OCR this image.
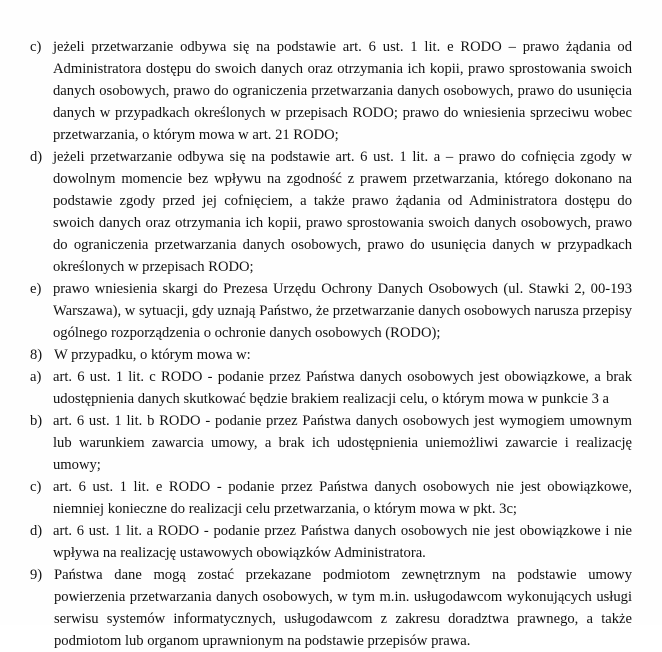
c) jeżeli przetwarzanie odbywa się na podstawie art. 6 ust. 1 lit. e RODO – prawo żądania od Administratora dostępu do swoich danych oraz otrzymania ich kopii, prawo sprostowania swoich danych osobowych, prawo do ograniczenia przetwarzania danych osobowych, prawo do usunięcia danych w przypadkach określonych w przepisach RODO; prawo do wniesienia sprzeciwu wobec przetwarzania, o którym mowa w art. 21 RODO;
d) jeżeli przetwarzanie odbywa się na podstawie art. 6 ust. 1 lit. a – prawo do cofnięcia zgody w dowolnym momencie bez wpływu na zgodność z prawem przetwarzania, którego dokonano na podstawie zgody przed jej cofnięciem, a także prawo żądania od Administratora dostępu do swoich danych oraz otrzymania ich kopii, prawo sprostowania swoich danych osobowych, prawo do ograniczenia przetwarzania danych osobowych, prawo do usunięcia danych w przypadkach określonych w przepisach RODO;
e) prawo wniesienia skargi do Prezesa Urzędu Ochrony Danych Osobowych (ul. Stawki 2, 00-193 Warszawa), w sytuacji, gdy uznają Państwo, że przetwarzanie danych osobowych narusza przepisy ogólnego rozporządzenia o ochronie danych osobowych (RODO);
8) W przypadku, o którym mowa w:
a) art. 6 ust. 1 lit. c RODO - podanie przez Państwa danych osobowych jest obowiązkowe, a brak udostępnienia danych skutkować będzie brakiem realizacji celu, o którym mowa w punkcie 3 a
b) art. 6 ust. 1 lit. b RODO - podanie przez Państwa danych osobowych jest wymogiem umownym lub warunkiem zawarcia umowy, a brak ich udostępnienia uniemożliwi zawarcie i realizację umowy;
c) art. 6 ust. 1 lit. e RODO - podanie przez Państwa danych osobowych nie jest obowiązkowe, niemniej konieczne do realizacji celu przetwarzania, o którym mowa w pkt. 3c;
d) art. 6 ust. 1 lit. a RODO - podanie przez Państwa danych osobowych nie jest obowiązkowe i nie wpływa na realizację ustawowych obowiązków Administratora.
9) Państwa dane mogą zostać przekazane podmiotom zewnętrznym na podstawie umowy powierzenia przetwarzania danych osobowych, w tym m.in. usługodawcom wykonujących usługi serwisu systemów informatycznych, usługodawcom z zakresu doradztwa prawnego, a także podmiotom lub organom uprawnionym na podstawie przepisów prawa.
